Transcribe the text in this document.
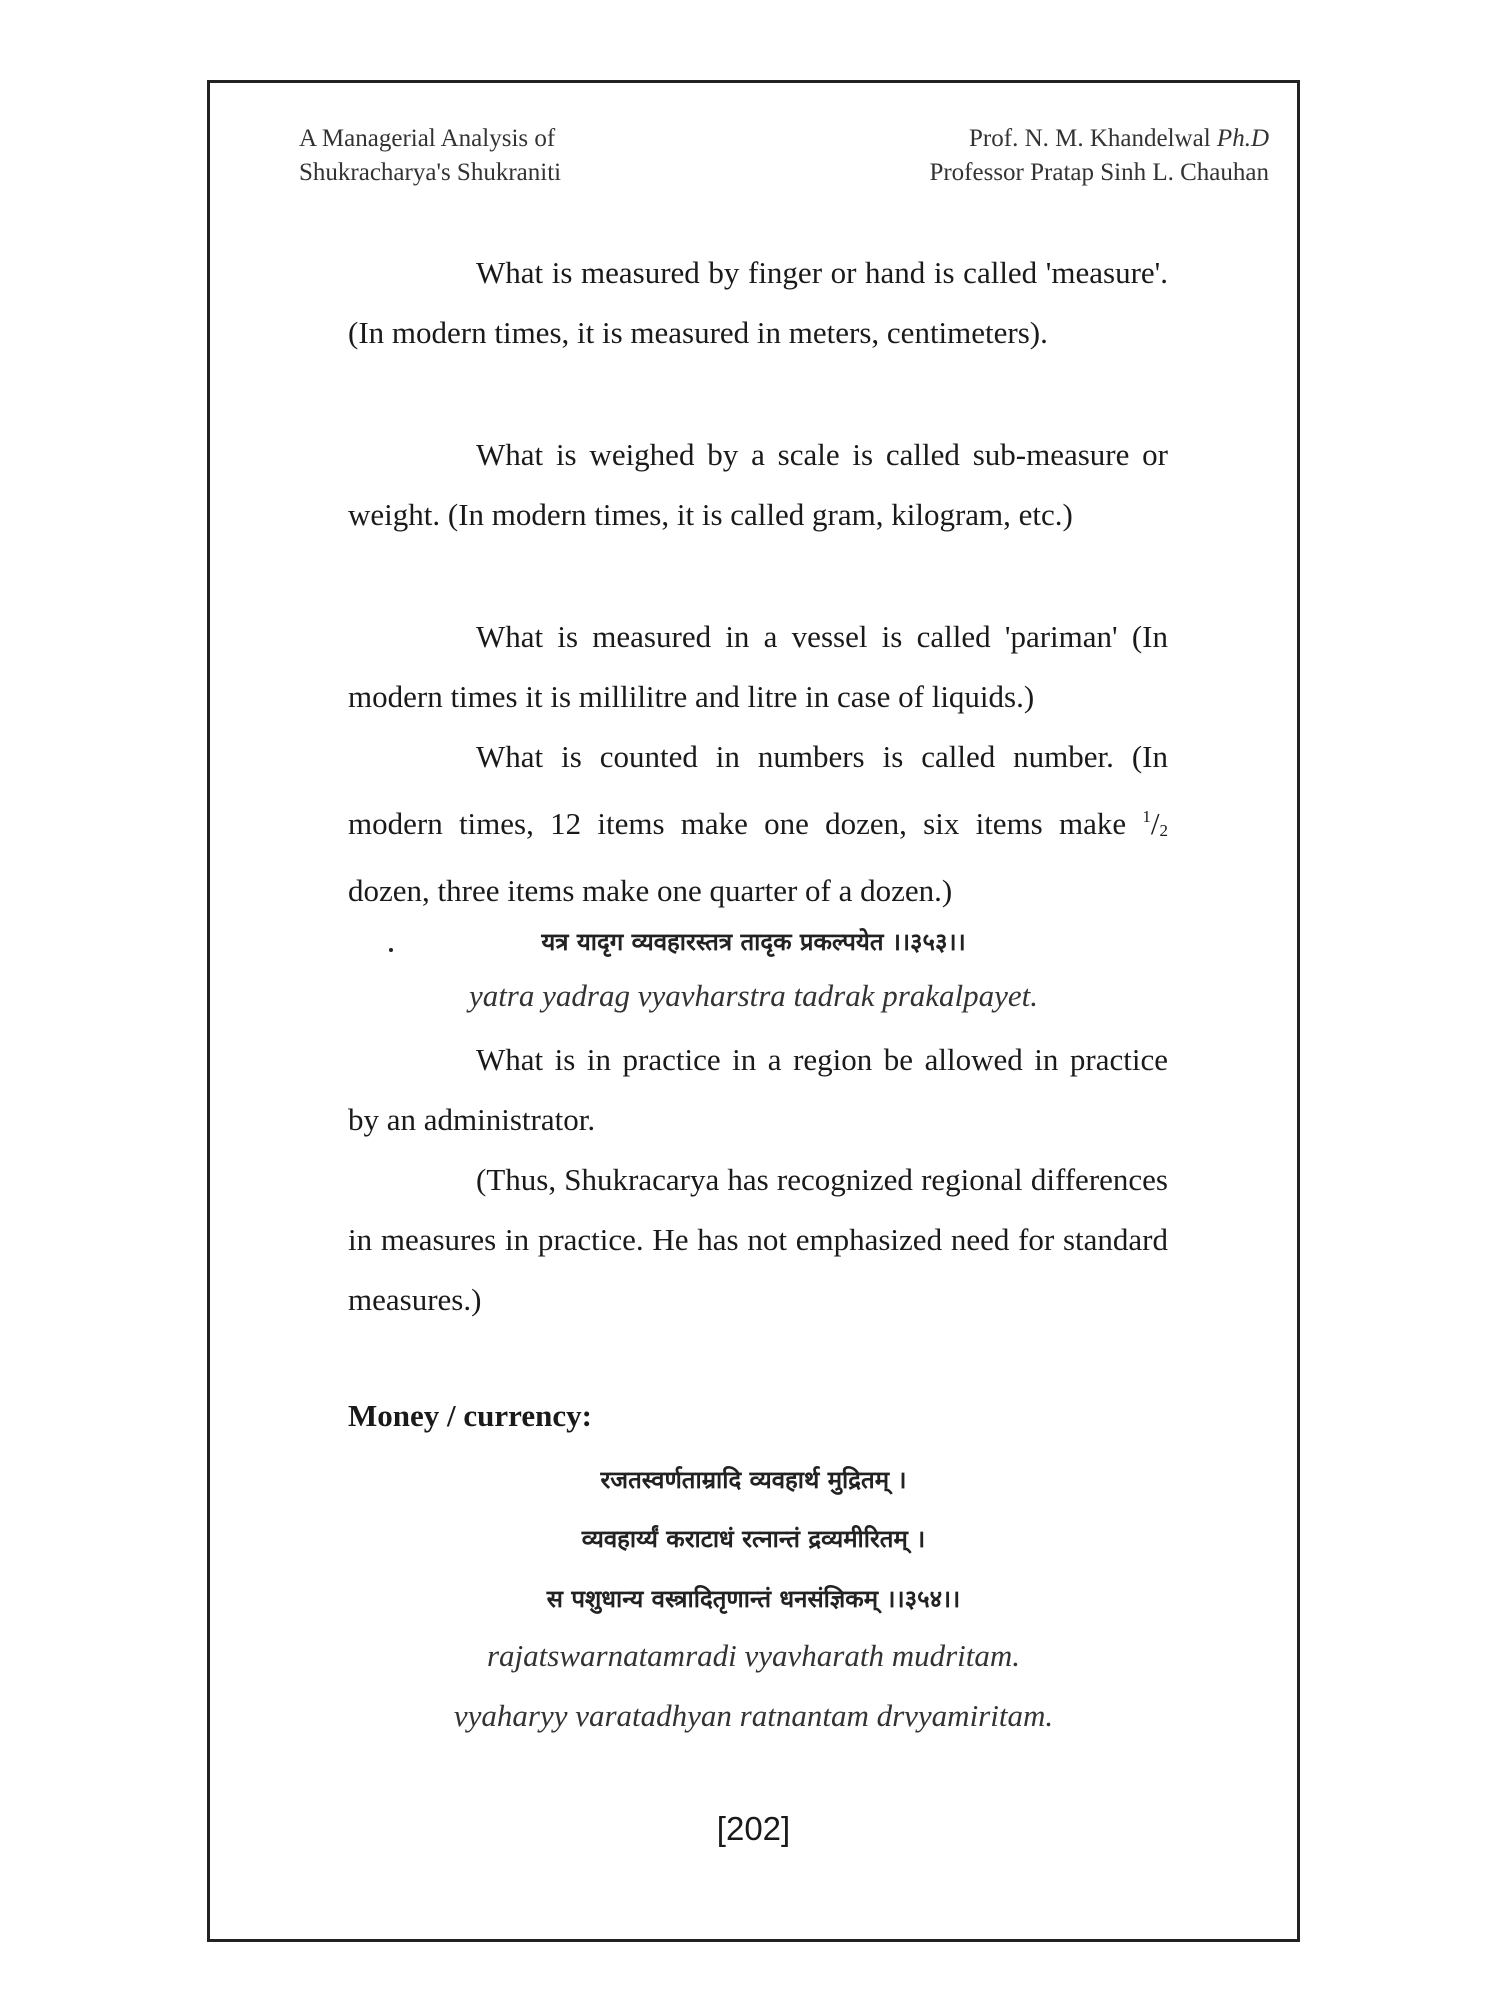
A Managerial Analysis of
Shukracharya's Shukraniti
Prof. N. M. Khandelwal Ph.D
Professor Pratap Sinh L. Chauhan

What is measured by finger or hand is called 'measure'. (In modern times, it is measured in meters, centimeters).

What is weighed by a scale is called sub-measure or weight. (In modern times, it is called gram, kilogram, etc.)

What is measured in a vessel is called 'pariman' (In modern times it is millilitre and litre in case of liquids.)

What is counted in numbers is called number. (In modern times, 12 items make one dozen, six items make $^1/_2$ dozen, three items make one quarter of a dozen.)

यत्र यादृग व्यवहारस्तत्र तादृक प्रकल्पयेत ।।३५३।।
yatra yadrag vyavharstra tadrak prakalpayet.

What is in practice in a region be allowed in practice by an administrator.

(Thus, Shukracarya has recognized regional differences in measures in practice. He has not emphasized need for standard measures.)

Money / currency:
रजतस्वर्णताम्रादि व्यवहार्थ मुद्रितम् ।
व्यवहार्य्यं कराटाधं रत्नान्तं द्रव्यमीरितम् ।
स पशुधान्य वस्त्रादितृणान्तं धनसंज्ञिकम् ।।३५४।।
rajatswarnatamradi vyavharath mudritam.
vyaharyy varatadhyan ratnantam drvyamiritam.
[202]
